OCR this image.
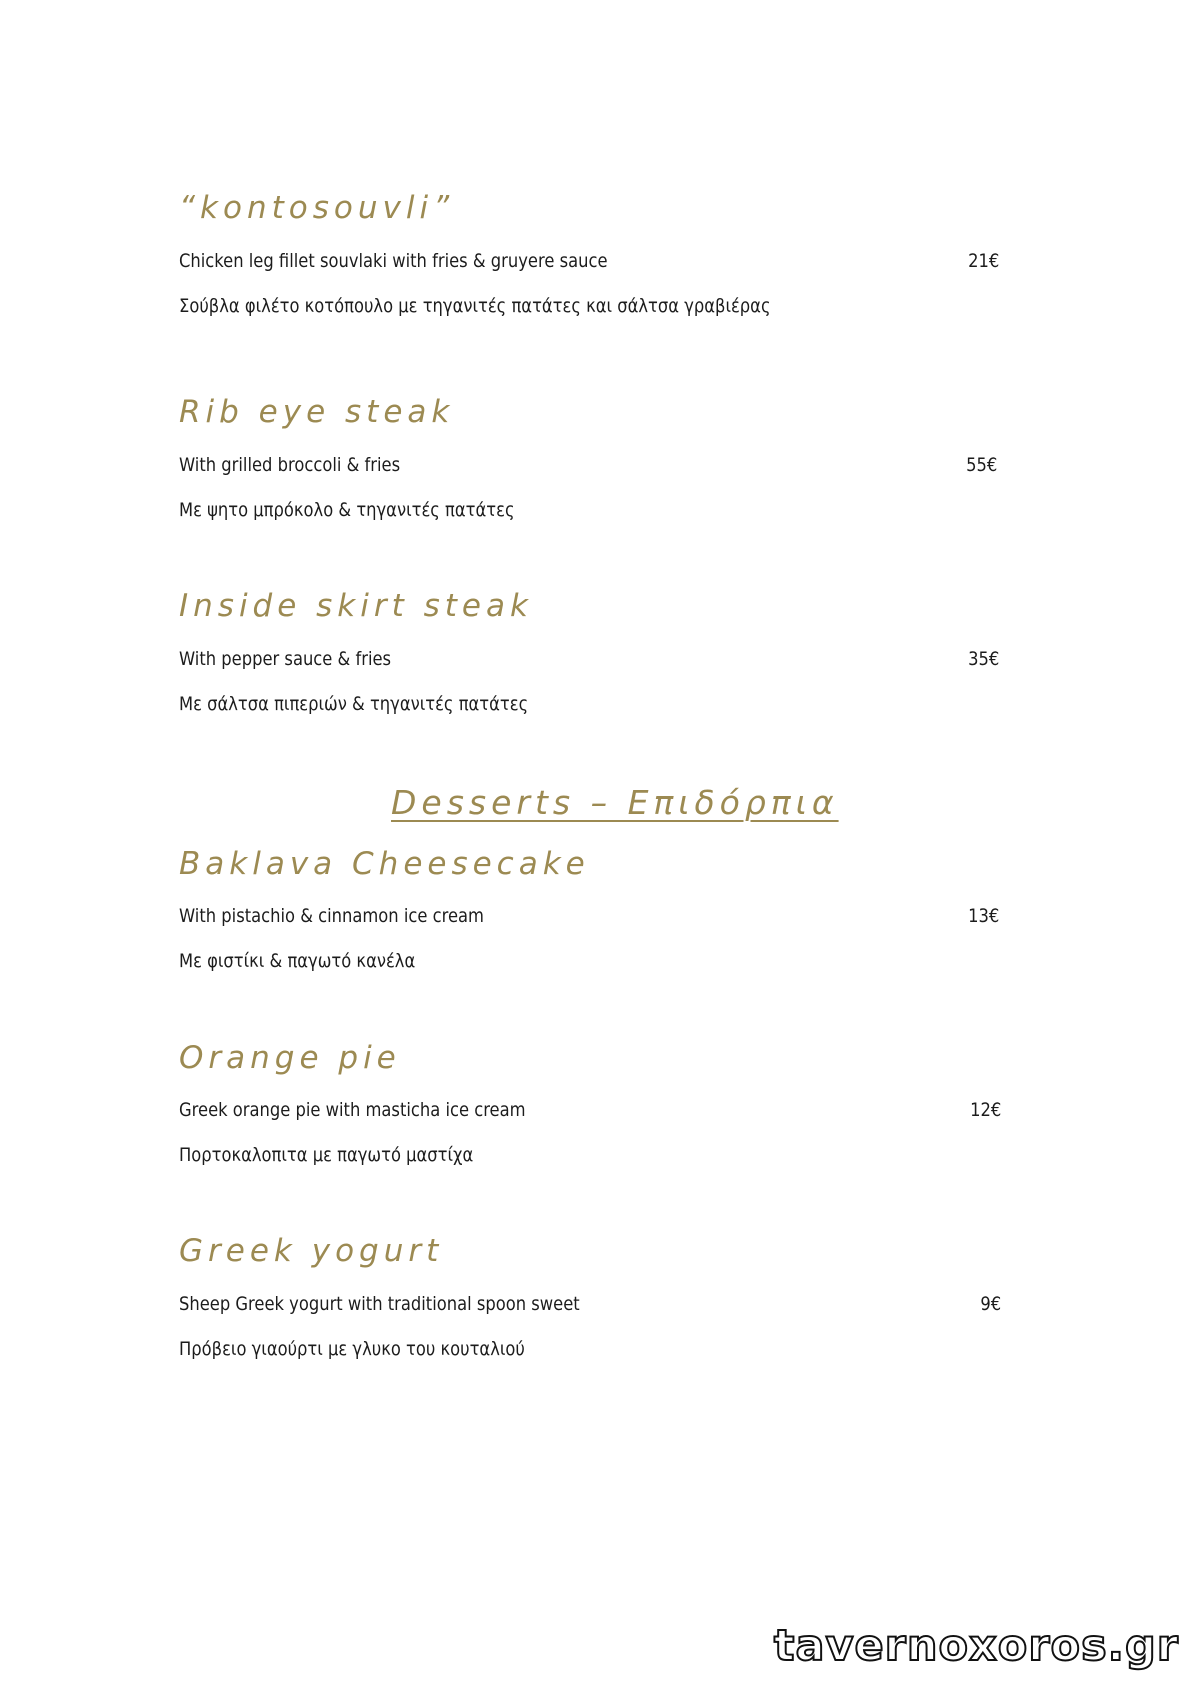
“kontosouvli”

Chicken leg fillet souvlaki with fries & gruyere sauce	21€

Σούβλα φιλέτο κοτόπουλο με τηγανιτές πατάτες και σάλτσα γραβιέρας

Rib eye steak

With grilled broccoli & fries	55€

Με ψητο μπρόκολο & τηγανιτές πατάτες

Inside skirt steak

With pepper sauce & fries	35€

Με σάλτσα πιπεριών & τηγανιτές πατάτες

Desserts – Επιδόρπια
Baklava Cheesecake

With pistachio & cinnamon ice cream	13€

Με φιστίκι & παγωτό κανέλα

Orange pie

Greek orange pie with masticha ice cream	12€

Πορτοκαλοπιτα με παγωτό μαστίχα

Greek yogurt

Sheep Greek yogurt with traditional spoon sweet	9€

Πρόβειο γιαούρτι με γλυκο του κουταλιού

tavernoxoros.gr
